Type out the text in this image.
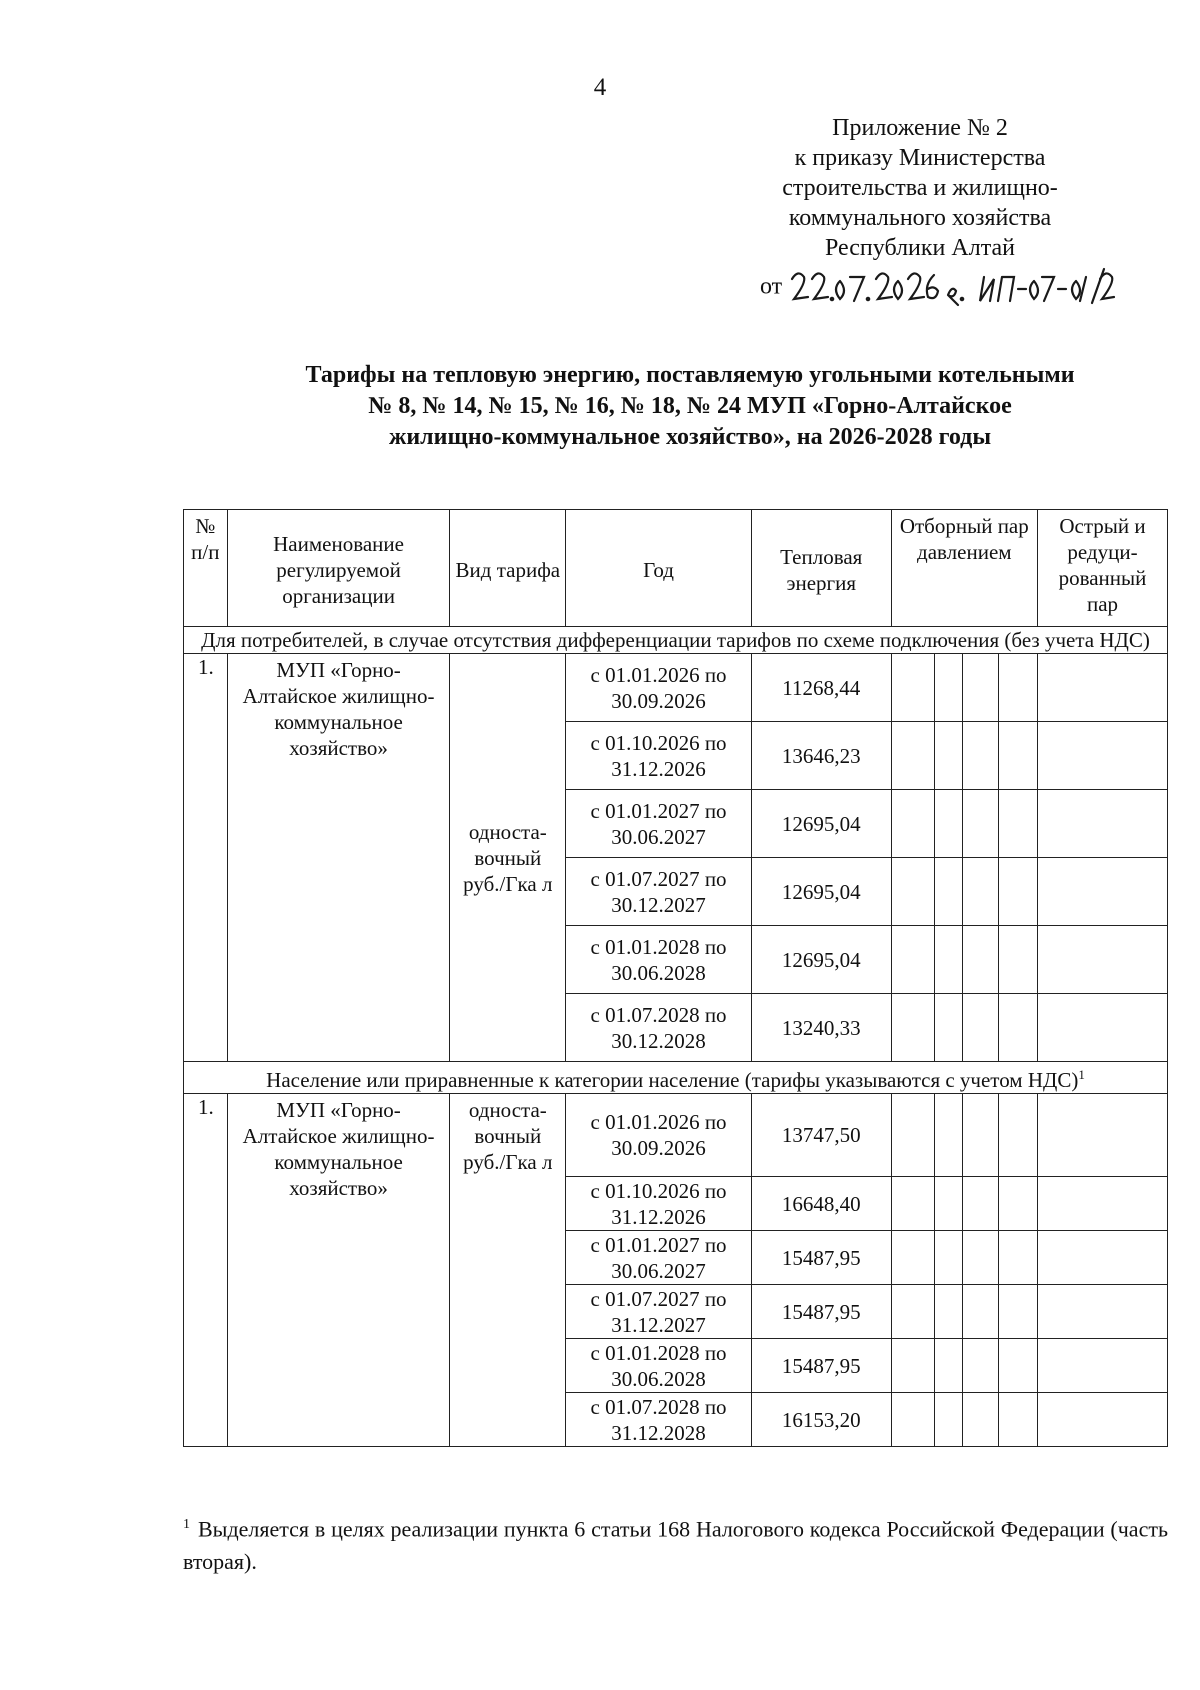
4
Приложение № 2
к приказу Министерства
строительства и жилищно-
коммунального хозяйства
Республики Алтай
от
Тарифы на тепловую энергию, поставляемую угольными котельными
№ 8, № 14, № 15, № 16, № 18, № 24 МУП «Горно-Алтайское
жилищно-коммунальное хозяйство», на 2026-2028 годы
№ п/п	Наименование регулируемой организации	Вид тарифа	Год	Тепловая энергия	Отборный пар давлением				Острый и редуци-рованный пар
Для потребителей, в случае отсутствия дифференциации тарифов по схеме подключения (без учета НДС)									
1.	МУП «Горно-Алтайское жилищно-коммунальное хозяйство»	односта-вочный руб./Гка л	с 01.01.2026 по 30.09.2026	11268,44					
			с 01.10.2026 по 31.12.2026	13646,23					
			с 01.01.2027 по 30.06.2027	12695,04					
			с 01.07.2027 по 30.12.2027	12695,04					
			с 01.01.2028 по 30.06.2028	12695,04					
			с 01.07.2028 по 30.12.2028	13240,33					
Население или приравненные к категории население (тарифы указываются с учетом НДС)$^1$
1.	МУП «Горно-Алтайское жилищно-коммунальное хозяйство»	односта-вочный руб./Гка л	с 01.01.2026 по 30.09.2026	13747,50					
			с 01.10.2026 по 31.12.2026	16648,40					
			с 01.01.2027 по 30.06.2027	15487,95					
			с 01.07.2027 по 31.12.2027	15487,95					
			с 01.01.2028 по 30.06.2028	15487,95					
			с 01.07.2028 по 31.12.2028	16153,20					
$^1$ Выделяется в целях реализации пункта 6 статьи 168 Налогового кодекса Российской Федерации (часть вторая).
